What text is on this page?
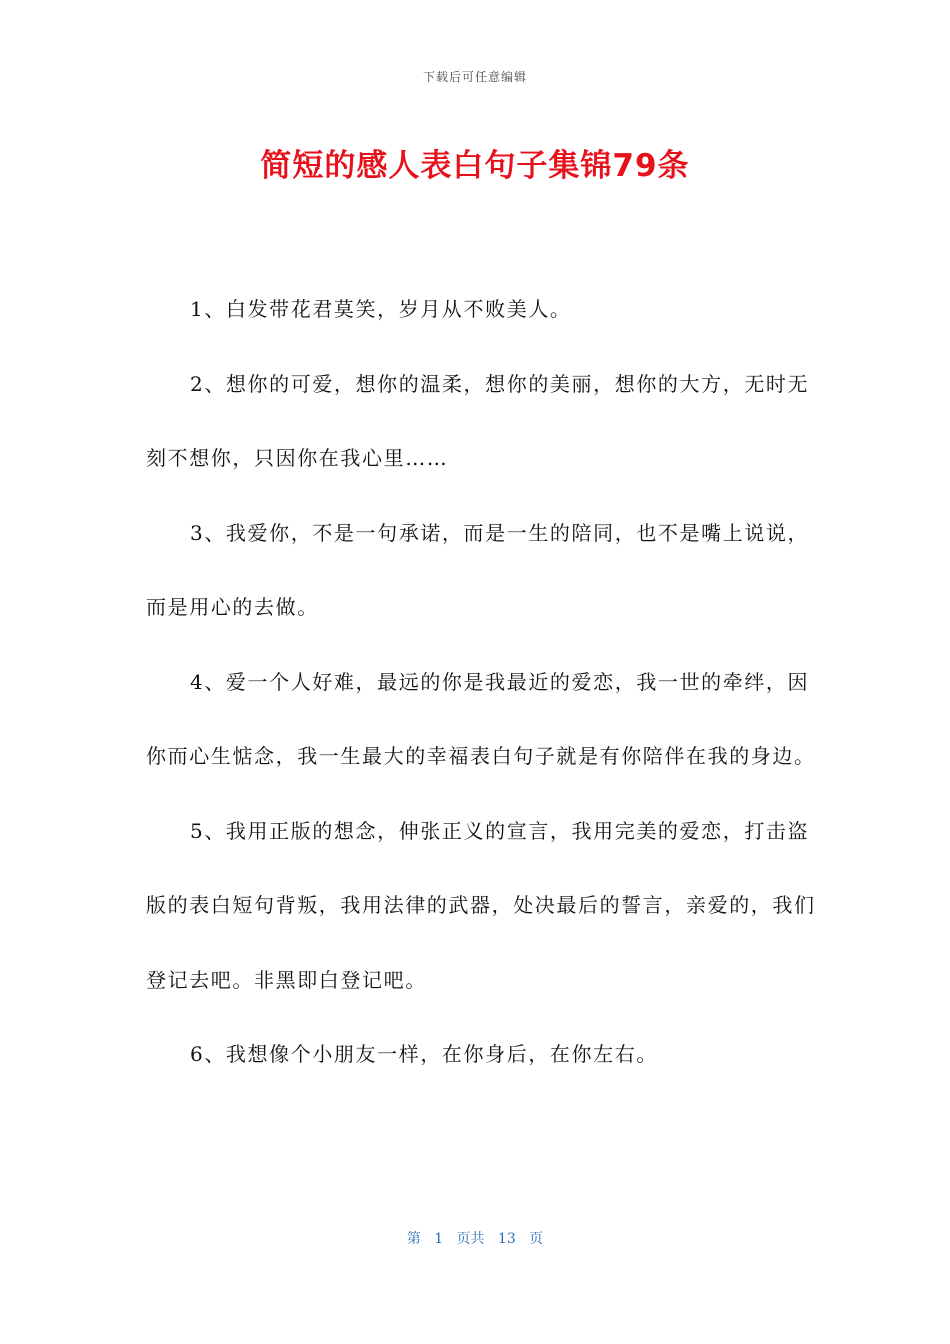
下载后可任意编辑
简短的感人表白句子集锦79条

1、白发带花君莫笑，岁月从不败美人。

2、想你的可爱，想你的温柔，想你的美丽，想你的大方，无时无刻不想你，只因你在我心里……

3、我爱你，不是一句承诺，而是一生的陪同，也不是嘴上说说，而是用心的去做。

4、爱一个人好难，最远的你是我最近的爱恋，我一世的牵绊，因你而心生惦念，我一生最大的幸福表白句子就是有你陪伴在我的身边。

5、我用正版的想念，伸张正义的宣言，我用完美的爱恋，打击盗版的表白短句背叛，我用法律的武器，处决最后的誓言，亲爱的，我们登记去吧。非黑即白登记吧。

6、我想像个小朋友一样，在你身后，在你左右。

第 1 页共 13 页
